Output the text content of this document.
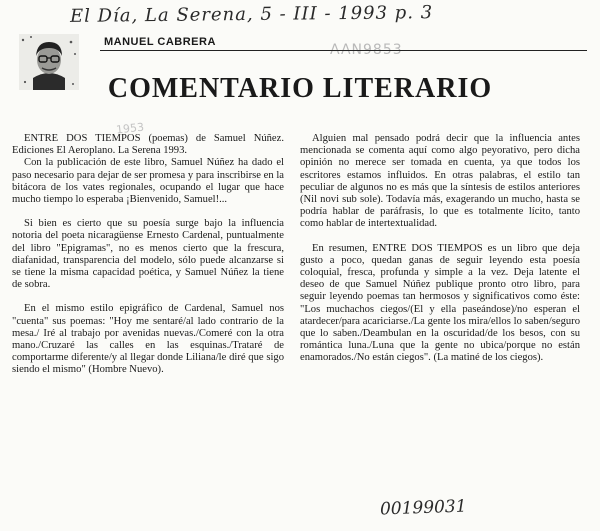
El Día, La Serena, 5 - III - 1993 p. 3
AAN9853
1953
MANUEL CABRERA
COMENTARIO LITERARIO

ENTRE DOS TIEMPOS (poemas) de Samuel Núñez. Ediciones El Aeroplano. La Serena 1993.

Con la publicación de este libro, Samuel Núñez ha dado el paso necesario para dejar de ser promesa y para inscribirse en la bitácora de los vates regionales, ocupando el lugar que hace mucho tiempo lo esperaba ¡Bienvenido, Samuel!...

Si bien es cierto que su poesía surge bajo la influencia notoria del poeta nicaragüense Ernesto Cardenal, puntualmente del libro "Epigramas", no es menos cierto que la frescura, diafanidad, transparencia del modelo, sólo puede alcanzarse si se tiene la misma capacidad poética, y Samuel Núñez la tiene de sobra.

En el mismo estilo epigráfico de Cardenal, Samuel nos "cuenta" sus poemas: "Hoy me sentaré/al lado contrario de la mesa./ Iré al trabajo por avenidas nuevas./Comeré con la otra mano./Cruzaré las calles en las esquinas./Trataré de comportarme diferente/y al llegar donde Liliana/le diré que sigo siendo el mismo" (Hombre Nuevo).

Alguien mal pensado podrá decir que la influencia antes mencionada se comenta aquí como algo peyorativo, pero dicha opinión no merece ser tomada en cuenta, ya que todos los escritores estamos influidos. En otras palabras, el estilo tan peculiar de algunos no es más que la síntesis de estilos anteriores (Nil novi sub sole). Todavía más, exagerando un mucho, hasta se podría hablar de paráfrasis, lo que es totalmente lícito, tanto como hablar de intertextualidad.

En resumen, ENTRE DOS TIEMPOS es un libro que deja gusto a poco, quedan ganas de seguir leyendo esta poesía coloquial, fresca, profunda y simple a la vez. Deja latente el deseo de que Samuel Núñez publique pronto otro libro, para seguir leyendo poemas tan hermosos y significativos como éste: "Los muchachos ciegos/(El y ella paseándose)/no esperan el atardecer/para acariciarse./La gente los mira/ellos lo saben/seguro que lo saben./Deambulan en la oscuridad/de los besos, con su romántica luna./Luna que la gente no ubica/porque no están enamorados./No están ciegos". (La matiné de los ciegos).

00199031
